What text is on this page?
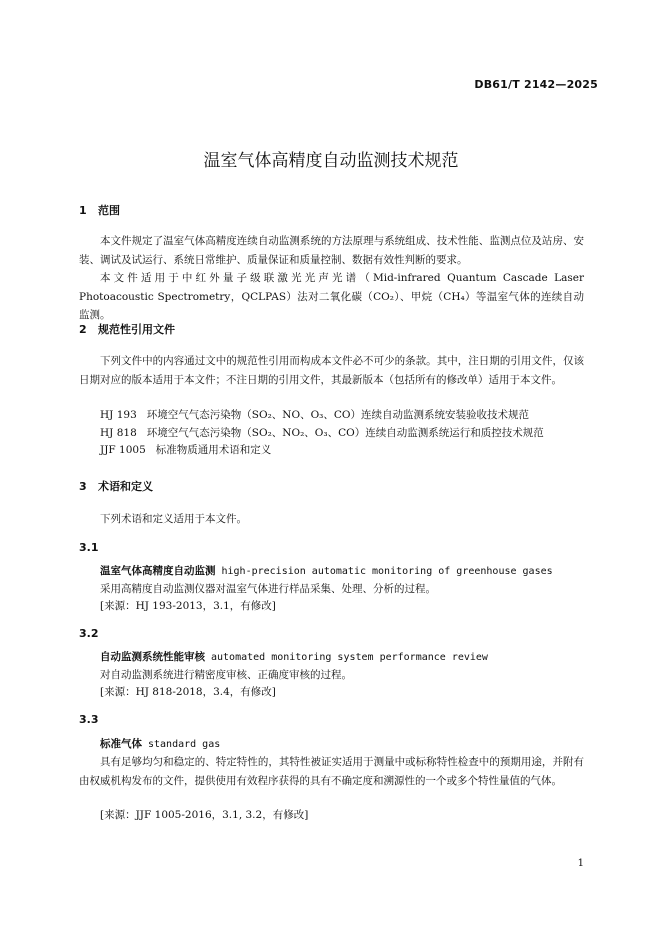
DB61/T 2142—2025
温室气体高精度自动监测技术规范
1 范围

本文件规定了温室气体高精度连续自动监测系统的方法原理与系统组成、技术性能、监测点位及站房、安装、调试及试运行、系统日常维护、质量保证和质量控制、数据有效性判断的要求。

本文件适用于中红外量子级联激光光声光谱（Mid-infrared Quantum Cascade Laser Photoacoustic Spectrometry，QCLPAS）法对二氧化碳（CO₂）、甲烷（CH₄）等温室气体的连续自动监测。

2 规范性引用文件

下列文件中的内容通过文中的规范性引用而构成本文件必不可少的条款。其中，注日期的引用文件，仅该日期对应的版本适用于本文件；不注日期的引用文件，其最新版本（包括所有的修改单）适用于本文件。

HJ 193 环境空气气态污染物（SO₂、NO、O₃、CO）连续自动监测系统安装验收技术规范
HJ 818 环境空气气态污染物（SO₂、NO₂、O₃、CO）连续自动监测系统运行和质控技术规范
JJF 1005 标准物质通用术语和定义
3 术语和定义

下列术语和定义适用于本文件。

3.1
温室气体高精度自动监测 high-precision automatic monitoring of greenhouse gases
采用高精度自动监测仪器对温室气体进行样品采集、处理、分析的过程。
[来源：HJ 193-2013，3.1，有修改]
3.2
自动监测系统性能审核 automated monitoring system performance review
对自动监测系统进行精密度审核、正确度审核的过程。
[来源：HJ 818-2018，3.4，有修改]
3.3
标准气体 standard gas

具有足够均匀和稳定的、特定特性的，其特性被证实适用于测量中或标称特性检查中的预期用途，并附有由权威机构发布的文件，提供使用有效程序获得的具有不确定度和溯源性的一个或多个特性量值的气体。

[来源：JJF 1005-2016，3.1, 3.2，有修改]
1
